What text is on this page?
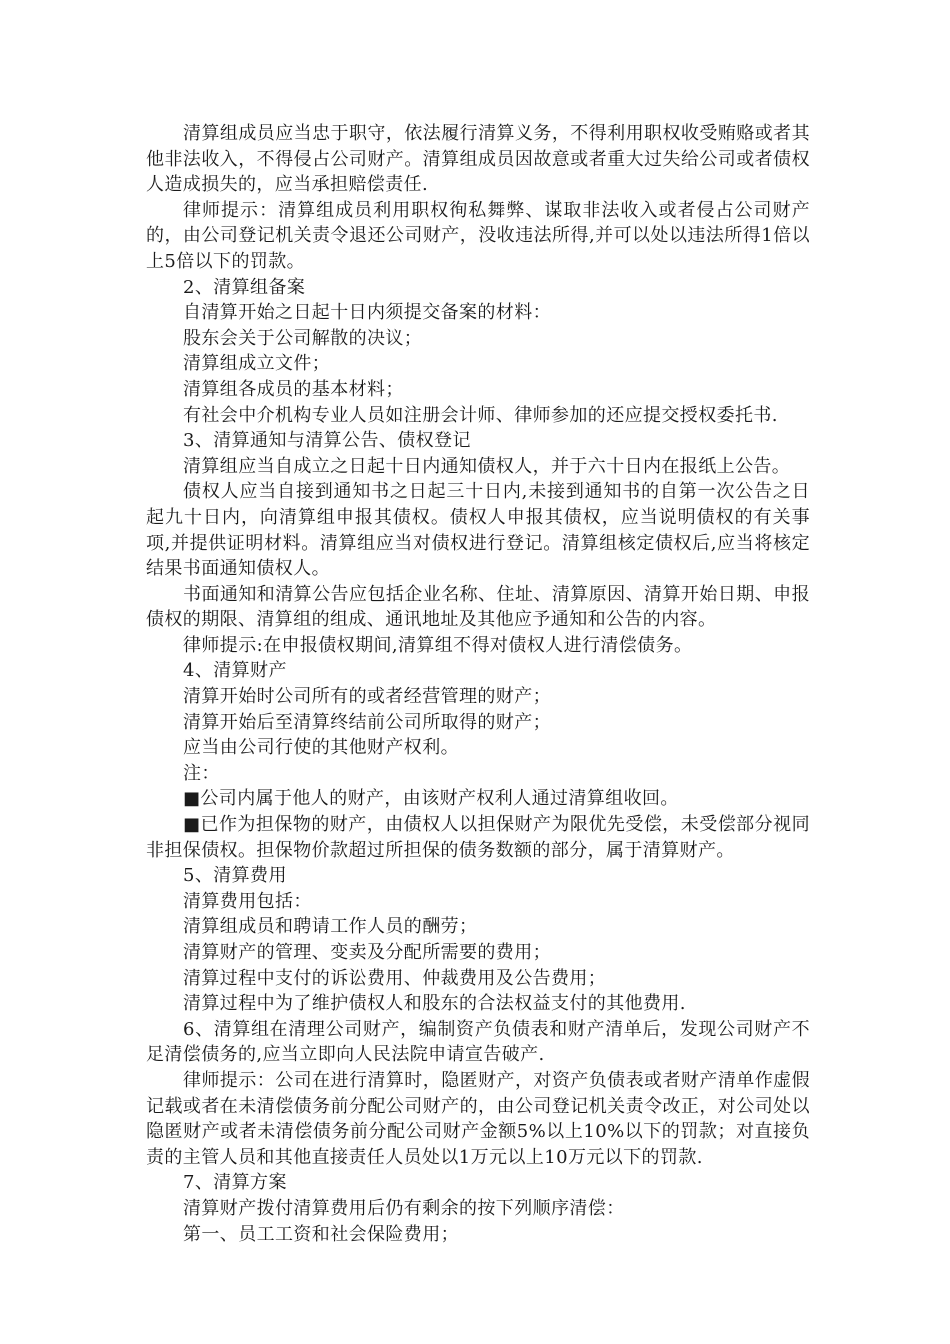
清算组成员应当忠于职守，依法履行清算义务，不得利用职权收受贿赂或者其他非法收入，不得侵占公司财产。清算组成员因故意或者重大过失给公司或者债权人造成损失的，应当承担赔偿责任.

律师提示：清算组成员利用职权徇私舞弊、谋取非法收入或者侵占公司财产的，由公司登记机关责令退还公司财产，没收违法所得,并可以处以违法所得1倍以上5倍以下的罚款。

2、清算组备案

自清算开始之日起十日内须提交备案的材料：

股东会关于公司解散的决议；

清算组成立文件；

清算组各成员的基本材料；

有社会中介机构专业人员如注册会计师、律师参加的还应提交授权委托书.

3、清算通知与清算公告、债权登记

清算组应当自成立之日起十日内通知债权人，并于六十日内在报纸上公告。

债权人应当自接到通知书之日起三十日内,未接到通知书的自第一次公告之日起九十日内，向清算组申报其债权。债权人申报其债权，应当说明债权的有关事项,并提供证明材料。清算组应当对债权进行登记。清算组核定债权后,应当将核定结果书面通知债权人。

书面通知和清算公告应包括企业名称、住址、清算原因、清算开始日期、申报债权的期限、清算组的组成、通讯地址及其他应予通知和公告的内容。

律师提示:在申报债权期间,清算组不得对债权人进行清偿债务。

4、清算财产

清算开始时公司所有的或者经营管理的财产；

清算开始后至清算终结前公司所取得的财产；

应当由公司行使的其他财产权利。

注：

■公司内属于他人的财产，由该财产权利人通过清算组收回。

■已作为担保物的财产，由债权人以担保财产为限优先受偿，未受偿部分视同非担保债权。担保物价款超过所担保的债务数额的部分，属于清算财产。

5、清算费用

清算费用包括：

清算组成员和聘请工作人员的酬劳；

清算财产的管理、变卖及分配所需要的费用；

清算过程中支付的诉讼费用、仲裁费用及公告费用；

清算过程中为了维护债权人和股东的合法权益支付的其他费用.

6、清算组在清理公司财产，编制资产负债表和财产清单后，发现公司财产不足清偿债务的,应当立即向人民法院申请宣告破产.

律师提示：公司在进行清算时，隐匿财产，对资产负债表或者财产清单作虚假记载或者在未清偿债务前分配公司财产的，由公司登记机关责令改正，对公司处以隐匿财产或者未清偿债务前分配公司财产金额5%以上10%以下的罚款；对直接负责的主管人员和其他直接责任人员处以1万元以上10万元以下的罚款.

7、清算方案

清算财产拨付清算费用后仍有剩余的按下列顺序清偿：

第一、员工工资和社会保险费用；
